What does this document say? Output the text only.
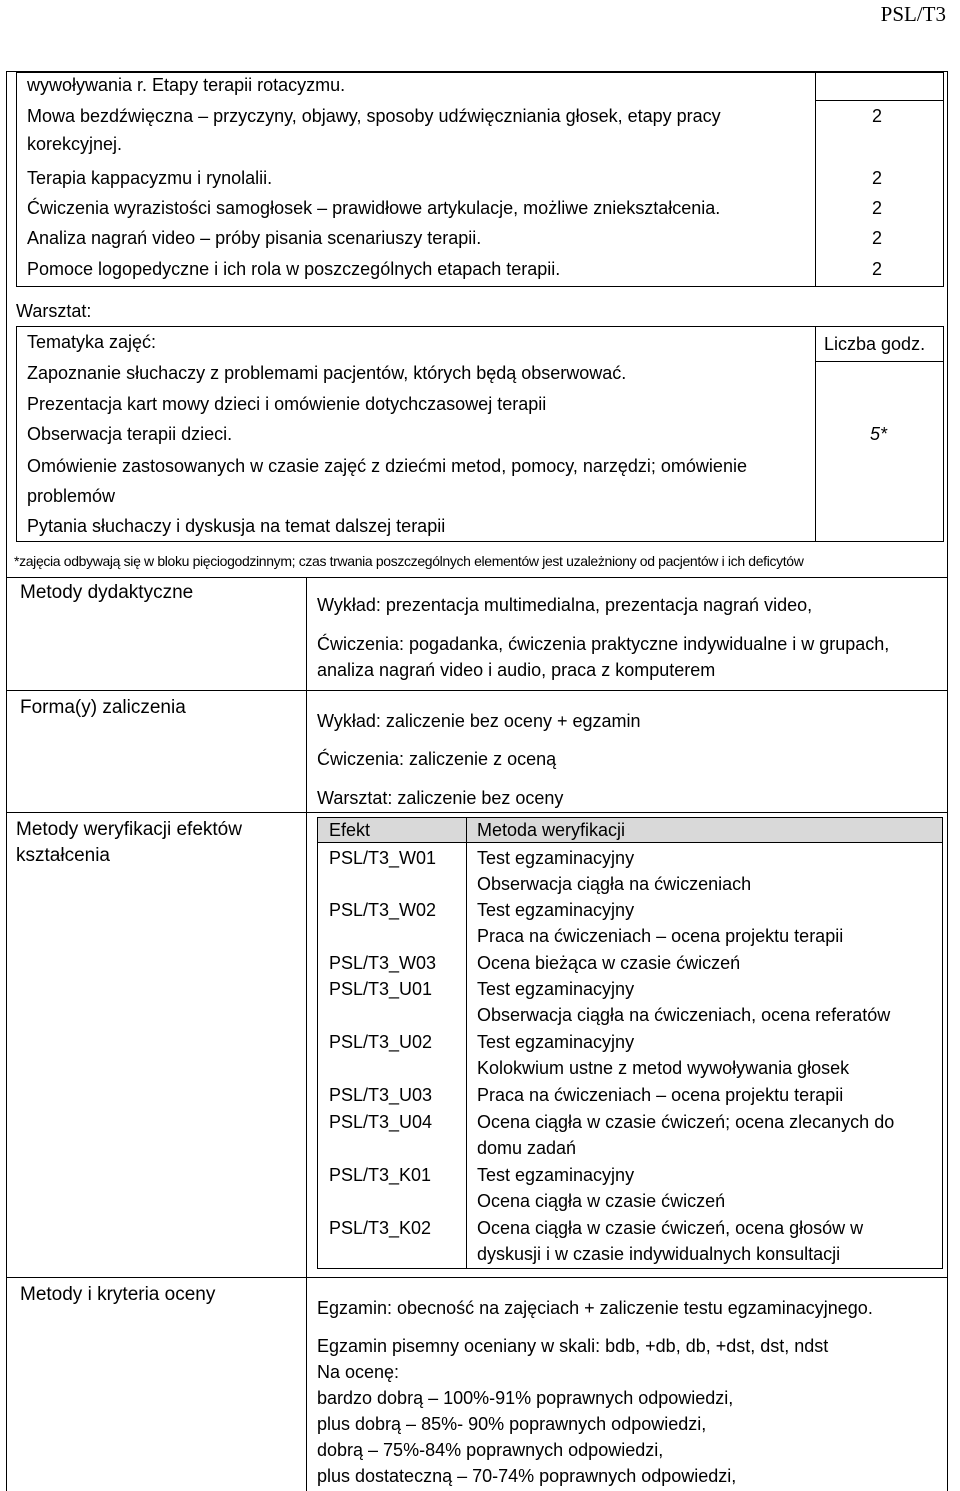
PSL/T3
wywoływania r. Etapy terapii rotacyzmu.
Mowa bezdźwięczna – przyczyny, objawy, sposoby udźwięczniania głosek, etapy pracy	2
korekcyjnej.
Terapia kappacyzmu i rynolalii.	2
Ćwiczenia wyrazistości samogłosek – prawidłowe artykulacje, możliwe zniekształcenia.	2
Analiza nagrań video – próby pisania scenariuszy terapii.	2
Pomoce logopedyczne i ich rola w poszczególnych etapach terapii.	2
Warsztat:
Tematyka zajęć:	Liczba godz.
Zapoznanie słuchaczy z problemami pacjentów, których będą obserwować.
Prezentacja kart mowy dzieci i omówienie dotychczasowej terapii
Obserwacja terapii dzieci.	5*
Omówienie zastosowanych w czasie zajęć z dziećmi metod, pomocy, narzędzi; omówienie
problemów
Pytania słuchaczy i dyskusja na temat dalszej terapii
*zajęcia odbywają się w bloku pięciogodzinnym; czas trwania poszczególnych elementów jest uzależniony od pacjentów i ich deficytów
Metody dydaktyczne
Wykład: prezentacja multimedialna, prezentacja nagrań video,
Ćwiczenia: pogadanka, ćwiczenia praktyczne indywidualne i w grupach,
analiza nagrań video i audio, praca z komputerem
Forma(y) zaliczenia
Wykład: zaliczenie bez oceny + egzamin
Ćwiczenia: zaliczenie z oceną
Warsztat: zaliczenie bez oceny
Metody weryfikacji efektów
kształcenia
Efekt	Metoda weryfikacji
PSL/T3_W01 Test egzaminacyjny
Obserwacja ciągła na ćwiczeniach
PSL/T3_W02 Test egzaminacyjny
Praca na ćwiczeniach – ocena projektu terapii
PSL/T3_W03 Ocena bieżąca w czasie ćwiczeń
PSL/T3_U01 Test egzaminacyjny
Obserwacja ciągła na ćwiczeniach, ocena referatów
PSL/T3_U02 Test egzaminacyjny
Kolokwium ustne z metod wywoływania głosek
PSL/T3_U03 Praca na ćwiczeniach – ocena projektu terapii
PSL/T3_U04 Ocena ciągła w czasie ćwiczeń; ocena zlecanych do
domu zadań
PSL/T3_K01	Test egzaminacyjny
Ocena ciągła w czasie ćwiczeń
PSL/T3_K02	Ocena ciągła w czasie ćwiczeń, ocena głosów w
dyskusji i w czasie indywidualnych konsultacji
Metody i kryteria oceny
Egzamin: obecność na zajęciach + zaliczenie testu egzaminacyjnego.
Egzamin pisemny oceniany w skali: bdb, +db, db, +dst, dst, ndst
Na ocenę:
bardzo dobrą – 100%-91% poprawnych odpowiedzi,
plus dobrą – 85%- 90% poprawnych odpowiedzi,
dobrą – 75%-84% poprawnych odpowiedzi,
plus dostateczną – 70-74% poprawnych odpowiedzi,
